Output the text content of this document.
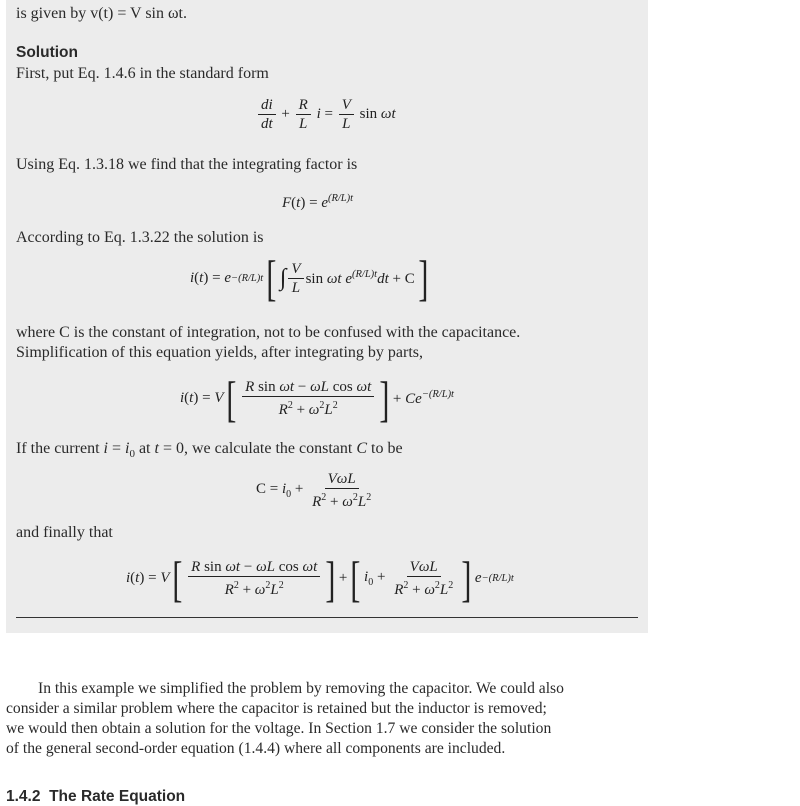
is given by v(t) = V sin ωt.
Solution
First, put Eq. 1.4.6 in the standard form
$\frac{di}{dt} + \frac{R}{L}$ $i = \frac{V}{L}$ sin ωt
Using Eq. 1.3.18 we find that the integrating factor is
$F(t) = e^{(R/L)t}$
According to Eq. 1.3.22 the solution is
i ( t ) = e −(R/L)t [ ∫ $\frac{V}{L}$ sin ωt $e^{(R/L)t}dt + C$ ]
where C is the constant of integration, not to be confused with the capacitance.
Simplification of this equation yields, after integrating by parts,
i ( t ) = V [ $\frac{\text{R sin ωt − ωL cos ωt}}{R^2 + \omega^2L^2}$ ] + $Ce^{-(R/L)t}$
If the current $i = i_0$ at t = 0, we calculate the constant C to be
$C = i_0 + \frac{\text{VωL}}{R^2 + \omega^2L^2}$
and finally that
i ( t ) = V [ $\frac{\text{R sin ωt − ωL cos ωt}}{R^2 + \omega^2L^2}$ ] + [ $i_0 + \frac{\text{VωL}}{R^2 + \omega^2L^2}$ ] e −(R/L)t
In this example we simplified the problem by removing the capacitor. We could also
consider a similar problem where the capacitor is retained but the inductor is removed;
we would then obtain a solution for the voltage. In Section 1.7 we consider the solution
of the general second-order equation (1.4.4) where all components are included.
1.4.2  The Rate Equation
